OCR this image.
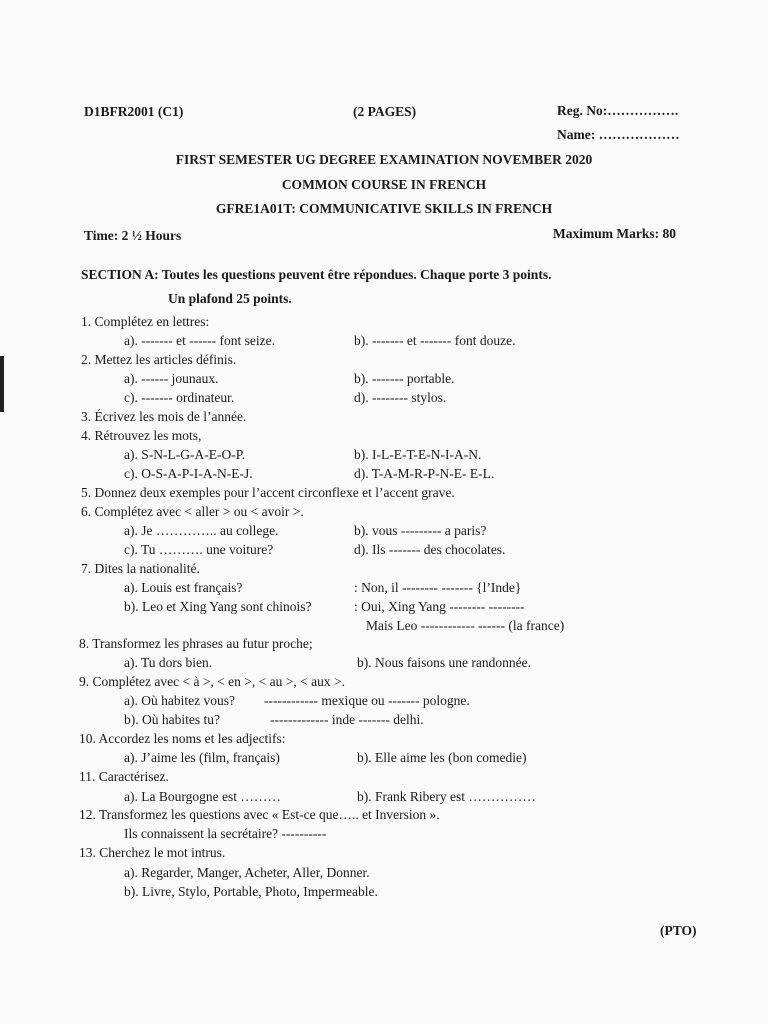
D1BFR2001 (C1)	(2 PAGES)	Reg. No:…………….
Name: ………………
FIRST SEMESTER UG DEGREE EXAMINATION NOVEMBER 2020
COMMON COURSE IN FRENCH
GFRE1A01T: COMMUNICATIVE SKILLS IN FRENCH
Time: 2 ½ Hours	Maximum Marks: 80
SECTION A: Toutes les questions peuvent être répondues. Chaque porte 3 points.
Un plafond 25 points.
1. Complétez en lettres:
a). ------- et ------ font seize.	b). ------- et ------- font douze.
2. Mettez les articles définis.
a). ------ jounaux.	b). ------- portable.
c). ------- ordinateur.	d). -------- stylos.
3. Écrivez les mois de l’année.
4. Rétrouvez les mots,
a). S-N-L-G-A-E-O-P.	b). I-L-E-T-E-N-I-A-N.
c). O-S-A-P-I-A-N-E-J.	d). T-A-M-R-P-N-E- E-L.
5. Donnez deux exemples pour l’accent circonflexe et l’accent grave.
6. Complétez avec < aller > ou < avoir >.
a). Je ………….. au college.	b). vous --------- a paris?
c). Tu ………. une voiture?	d). Ils ------- des chocolates.
7. Dites la nationalité.
a). Louis est français?	: Non, il -------- ------- {l’Inde}
b). Leo et Xing Yang sont chinois?	: Oui, Xing Yang -------- --------
Mais Leo ------------ ------ (la france)
8. Transformez les phrases au futur proche;
a). Tu dors bien.	b). Nous faisons une randonnée.
9. Complétez avec < à >, < en >, < au >, < aux >.
a). Où habitez vous? ------------ mexique ou ------- pologne.
b). Où habites tu?	------------- inde ------- delhi.
10. Accordez les noms et les adjectifs:
a). J’aime les (film, français)	b). Elle aime les (bon comedie)
11. Caractérisez.
a). La Bourgogne est ………	b). Frank Ribery est ……………
12. Transformez les questions avec « Est-ce que….. et Inversion ».
Ils connaissent la secrétaire? ----------
13. Cherchez le mot intrus.
a). Regarder, Manger, Acheter, Aller, Donner.
b). Livre, Stylo, Portable, Photo, Impermeable.
(PTO)
